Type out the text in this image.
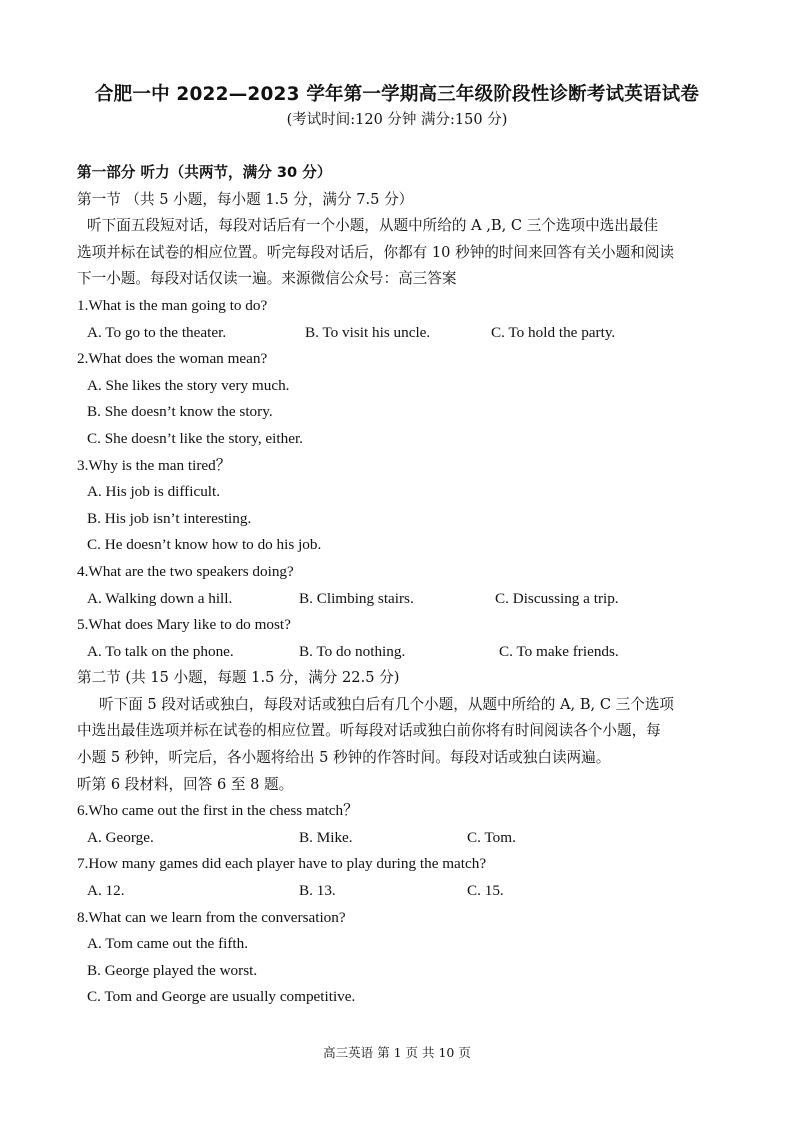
合肥一中 2022—2023 学年第一学期高三年级阶段性诊断考试英语试卷
(考试时间:120 分钟 满分:150 分)
第一部分 听力（共两节，满分 30 分）
第一节 （共 5 小题，每小题 1.5 分，满分 7.5 分）
听下面五段短对话，每段对话后有一个小题，从题中所给的 A ,B, C 三个选项中选出最佳
选项并标在试卷的相应位置。听完每段对话后，你都有 10 秒钟的时间来回答有关小题和阅读
下一小题。每段对话仅读一遍。来源微信公众号：高三答案
1.What is the man going to do?
A. To go to the theater.	B. To visit his uncle.	C. To hold the party.
2.What does the woman mean?
A. She likes the story very much.
B. She doesn’t know the story.
C. She doesn’t like the story, either.
3.Why is the man tired？
A. His job is difficult.
B. His job isn’t interesting.
C. He doesn’t know how to do his job.
4.What are the two speakers doing?
A. Walking down a hill.	B. Climbing stairs.	C. Discussing a trip.
5.What does Mary like to do most?
A. To talk on the phone.	B. To do nothing.	C. To make friends.
第二节 (共 15 小题，每题 1.5 分，满分 22.5 分)
听下面 5 段对话或独白，每段对话或独白后有几个小题，从题中所给的 A, B, C 三个选项
中选出最佳选项并标在试卷的相应位置。听每段对话或独白前你将有时间阅读各个小题，每
小题 5 秒钟，听完后，各小题将给出 5 秒钟的作答时间。每段对话或独白读两遍。
听第 6 段材料，回答 6 至 8 题。
6.Who came out the first in the chess match？
A. George.	B. Mike.	C. Tom.
7.How many games did each player have to play during the match?
A. 12.	B. 13.	C. 15.
8.What can we learn from the conversation?
A. Tom came out the fifth.
B. George played the worst.
C. Tom and George are usually competitive.
高三英语 第 1 页 共 10 页
